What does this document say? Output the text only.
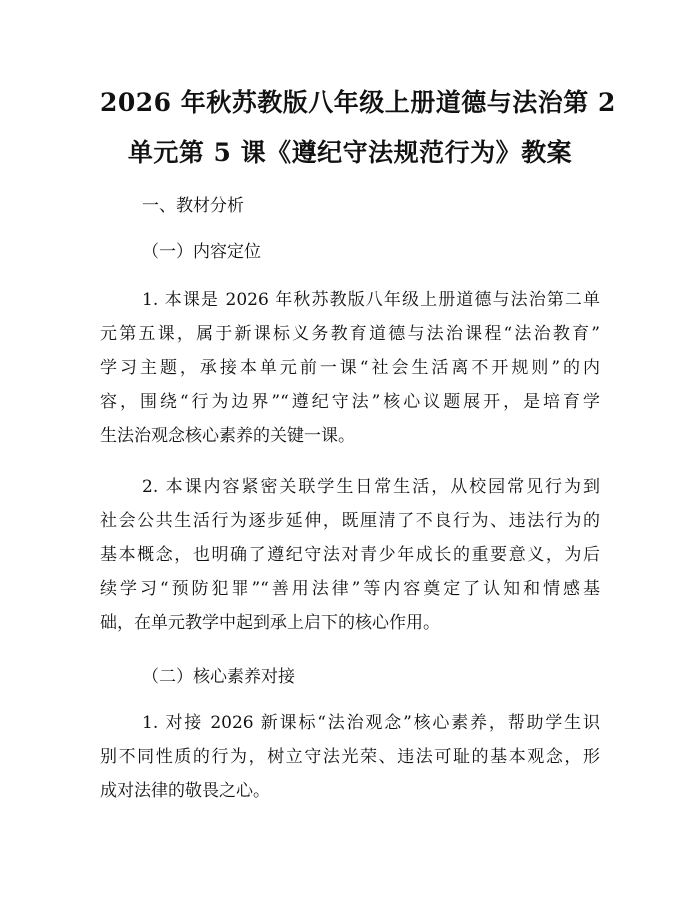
2026 年秋苏教版八年级上册道德与法治第 2
单元第 5 课《遵纪守法规范行为》教案
一、教材分析
（一）内容定位
1. 本课是 2026 年秋苏教版八年级上册道德与法治第二单
元第五课，属于新课标义务教育道德与法治课程“法治教育”
学习主题，承接本单元前一课“社会生活离不开规则”的内
容，围绕“行为边界”“遵纪守法”核心议题展开，是培育学
生法治观念核心素养的关键一课。
2. 本课内容紧密关联学生日常生活，从校园常见行为到
社会公共生活行为逐步延伸，既厘清了不良行为、违法行为的
基本概念，也明确了遵纪守法对青少年成长的重要意义，为后
续学习“预防犯罪”“善用法律”等内容奠定了认知和情感基
础，在单元教学中起到承上启下的核心作用。
（二）核心素养对接
1. 对接 2026 新课标“法治观念”核心素养，帮助学生识
别不同性质的行为，树立守法光荣、违法可耻的基本观念，形
成对法律的敬畏之心。
